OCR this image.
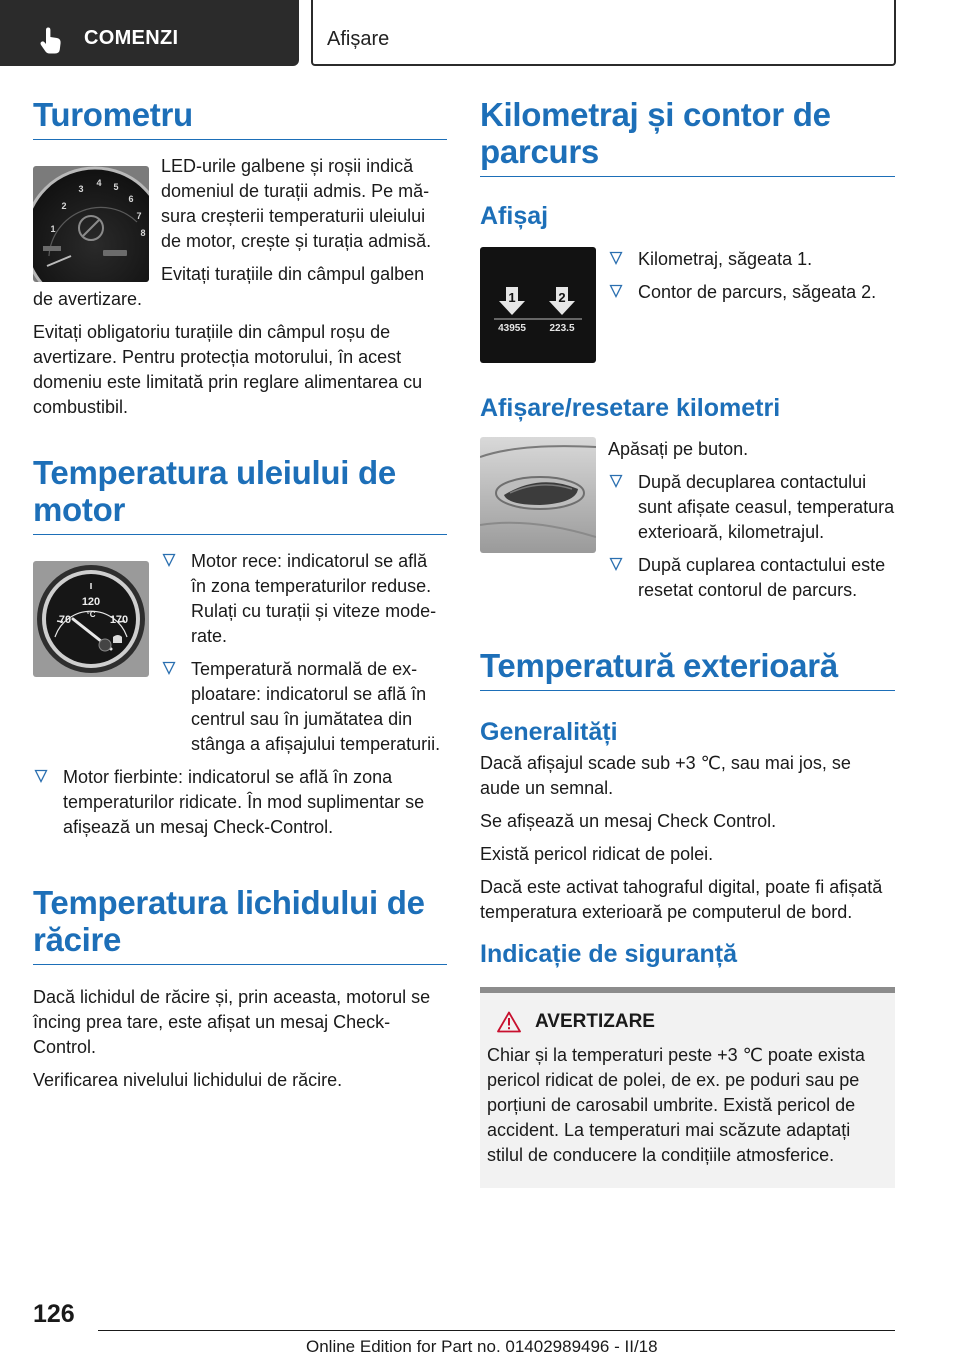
COMENZI	Afișare
Turometru
1
2
3
4 5
6
7
8

LED-urile galbene și roșii indică domeniul de turații admis. Pe măsura creșterii temperaturii uleiului de motor, crește și turația admisă.

Evitați turațiile din câmpul galben de avertizare.

Evitați obligatoriu turațiile din câmpul roșu de avertizare. Pentru protecția motorului, în acest domeniu este limitată prin reglare alimentarea cu combustibil.

Temperatura uleiului de motor
70
120
°C 170
Motor rece: indicatorul se află în zona temperaturilor reduse. Rulați cu turații și viteze moderate.
Temperatură normală de exploatare: indicatorul se află în centrul sau în jumătatea din stânga a afișajului temperaturii.
Motor fierbinte: indicatorul se află în zona temperaturilor ridicate. În mod suplimentar se afișează un mesaj Check-Control.
Temperatura lichidului de răcire

Dacă lichidul de răcire și, prin aceasta, motorul se încing prea tare, este afișat un mesaj Check-Control.

Verificarea nivelului lichidului de răcire.

Kilometraj și contor de parcurs
Afișaj
1	2
43955 223.5
Kilometraj, săgeata 1.
Contor de parcurs, săgeata 2.
Afișare/resetare kilometri

Apăsați pe buton.

După decuplarea contactului sunt afișate ceasul, temperatura exterioară, kilometrajul.
După cuplarea contactului este resetat contorul de parcurs.
Temperatură exterioară
Generalități

Dacă afișajul scade sub +3 ℃, sau mai jos, se aude un semnal.

Se afișează un mesaj Check Control.

Există pericol ridicat de polei.

Dacă este activat tahograful digital, poate fi afișată temperatura exterioară pe computerul de bord.

Indicație de siguranță
AVERTIZARE

Chiar și la temperaturi peste +3 ℃ poate exista pericol ridicat de polei, de ex. pe poduri sau pe porțiuni de carosabil umbrite. Există pericol de accident. La temperaturi mai scăzute adaptați stilul de conducere la condițiile atmosferice.

126
Online Edition for Part no. 01402989496 - II/18
